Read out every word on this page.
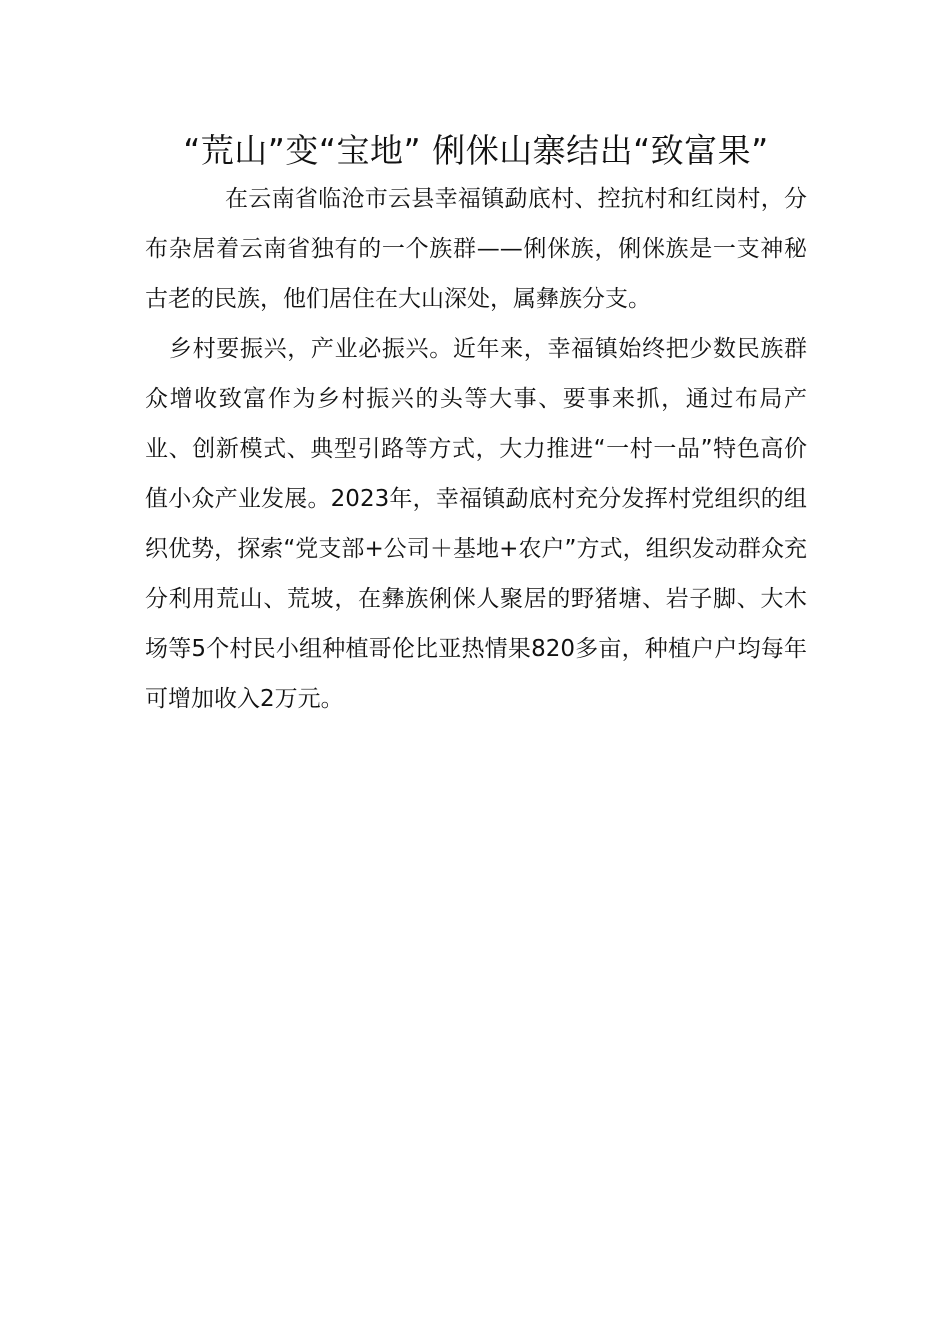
“荒山”变“宝地” 俐侎山寨结出“致富果”

在云南省临沧市云县幸福镇勐底村、控抗村和红岗村，分布杂居着云南省独有的一个族群——俐侎族，俐侎族是一支神秘古老的民族，他们居住在大山深处，属彝族分支。

乡村要振兴，产业必振兴。近年来，幸福镇始终把少数民族群众增收致富作为乡村振兴的头等大事、要事来抓，通过布局产业、创新模式、典型引路等方式，大力推进“一村一品”特色高价值小众产业发展。2023年，幸福镇勐底村充分发挥村党组织的组织优势，探索“党支部+公司＋基地+农户”方式，组织发动群众充分利用荒山、荒坡，在彝族俐侎人聚居的野猪塘、岩子脚、大木场等5个村民小组种植哥伦比亚热情果820多亩，种植户户均每年可增加收入2万元。
